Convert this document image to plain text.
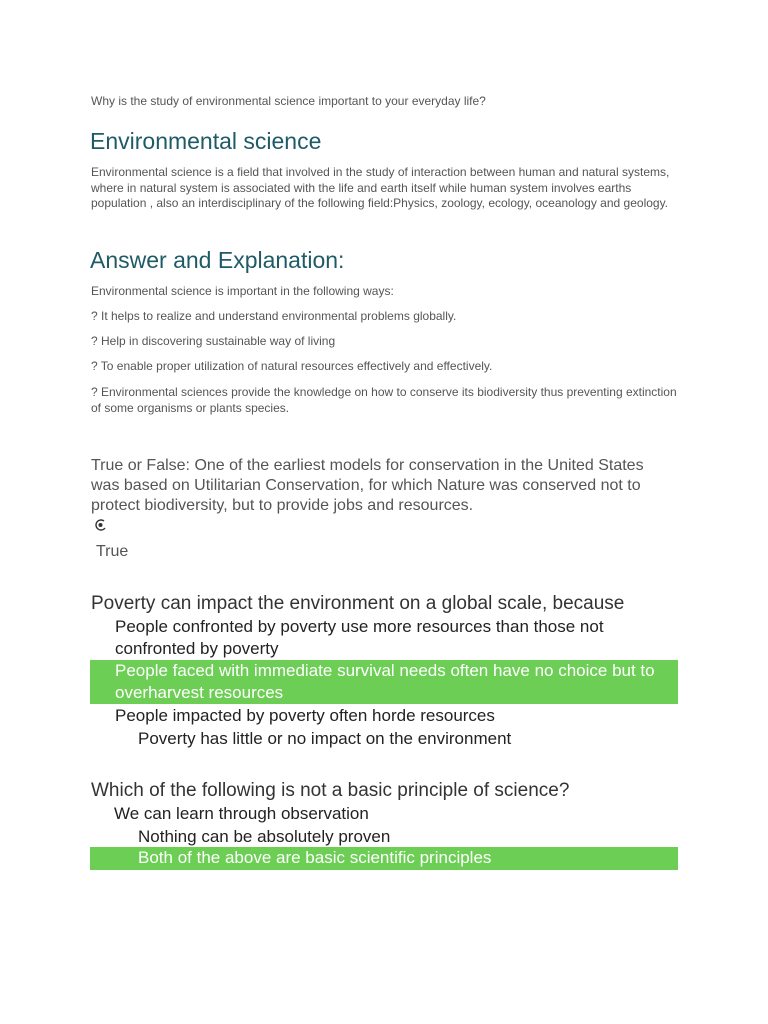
Why is the study of environmental science important to your everyday life?

Environmental science

Environmental science is a field that involved in the study of interaction between human and natural systems, where in natural system is associated with the life and earth itself while human system involves earths population , also an interdisciplinary of the following field:Physics, zoology, ecology, oceanology and geology.

Answer and Explanation:

Environmental science is important in the following ways:

? It helps to realize and understand environmental problems globally.

? Help in discovering sustainable way of living

? To enable proper utilization of natural resources effectively and effectively.

? Environmental sciences provide the knowledge on how to conserve its biodiversity thus preventing extinction of some organisms or plants species.

True or False: One of the earliest models for conservation in the United States was based on Utilitarian Conservation, for which Nature was conserved not to protect biodiversity, but to provide jobs and resources.

True

Poverty can impact the environment on a global scale, because

People confronted by poverty use more resources than those not confronted by poverty

People faced with immediate survival needs often have no choice but to overharvest resources

People impacted by poverty often horde resources

Poverty has little or no impact on the environment

Which of the following is not a basic principle of science?

We can learn through observation

Nothing can be absolutely proven

Both of the above are basic scientific principles
